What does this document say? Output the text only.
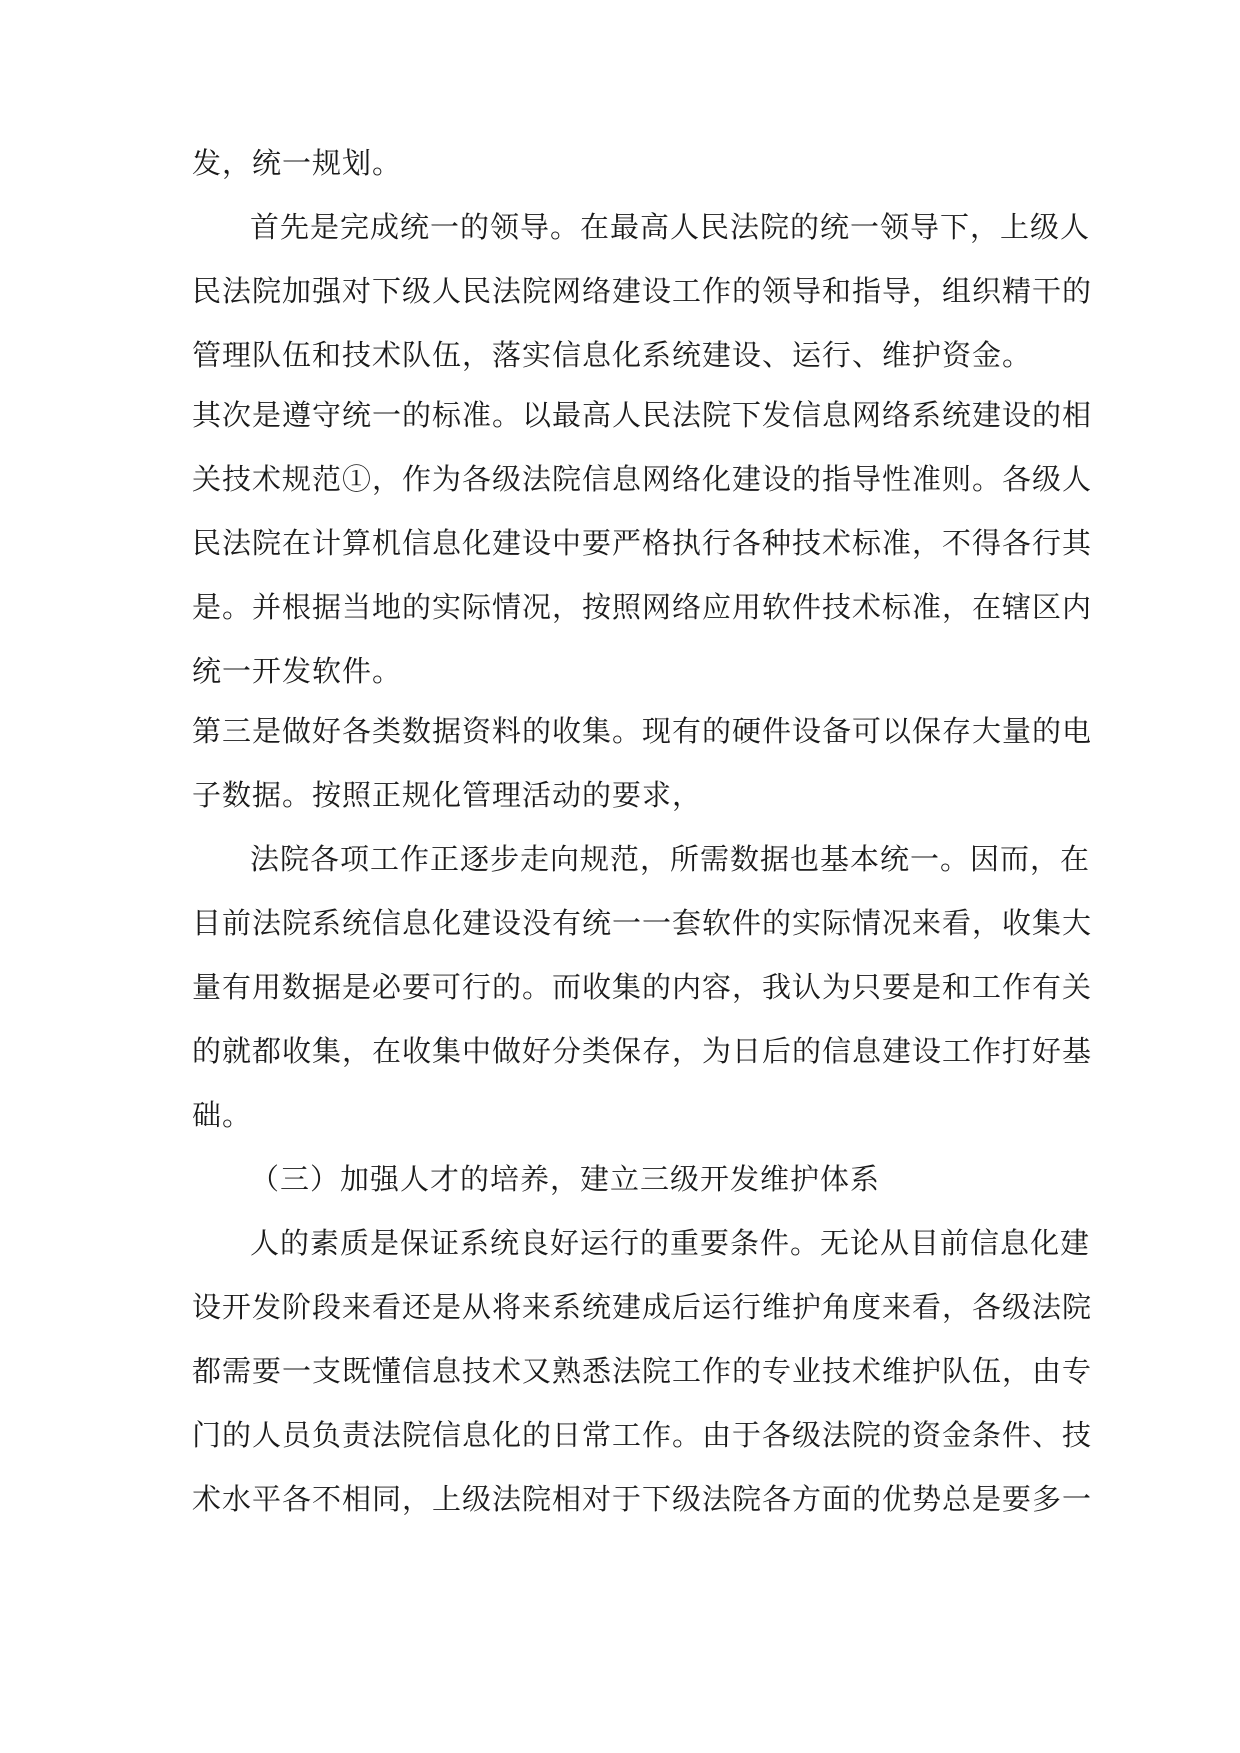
发，统一规划。

首先是完成统一的领导。在最高人民法院的统一领导下，上级人

民法院加强对下级人民法院网络建设工作的领导和指导，组织精干的

管理队伍和技术队伍，落实信息化系统建设、运行、维护资金。

其次是遵守统一的标准。以最高人民法院下发信息网络系统建设的相

关技术规范①，作为各级法院信息网络化建设的指导性准则。各级人

民法院在计算机信息化建设中要严格执行各种技术标准，不得各行其

是。并根据当地的实际情况，按照网络应用软件技术标准，在辖区内

统一开发软件。

第三是做好各类数据资料的收集。现有的硬件设备可以保存大量的电

子数据。按照正规化管理活动的要求，

法院各项工作正逐步走向规范，所需数据也基本统一。因而，在

目前法院系统信息化建设没有统一一套软件的实际情况来看，收集大

量有用数据是必要可行的。而收集的内容，我认为只要是和工作有关

的就都收集，在收集中做好分类保存，为日后的信息建设工作打好基

础。

（三）加强人才的培养，建立三级开发维护体系

人的素质是保证系统良好运行的重要条件。无论从目前信息化建

设开发阶段来看还是从将来系统建成后运行维护角度来看，各级法院

都需要一支既懂信息技术又熟悉法院工作的专业技术维护队伍，由专

门的人员负责法院信息化的日常工作。由于各级法院的资金条件、技

术水平各不相同，上级法院相对于下级法院各方面的优势总是要多一
